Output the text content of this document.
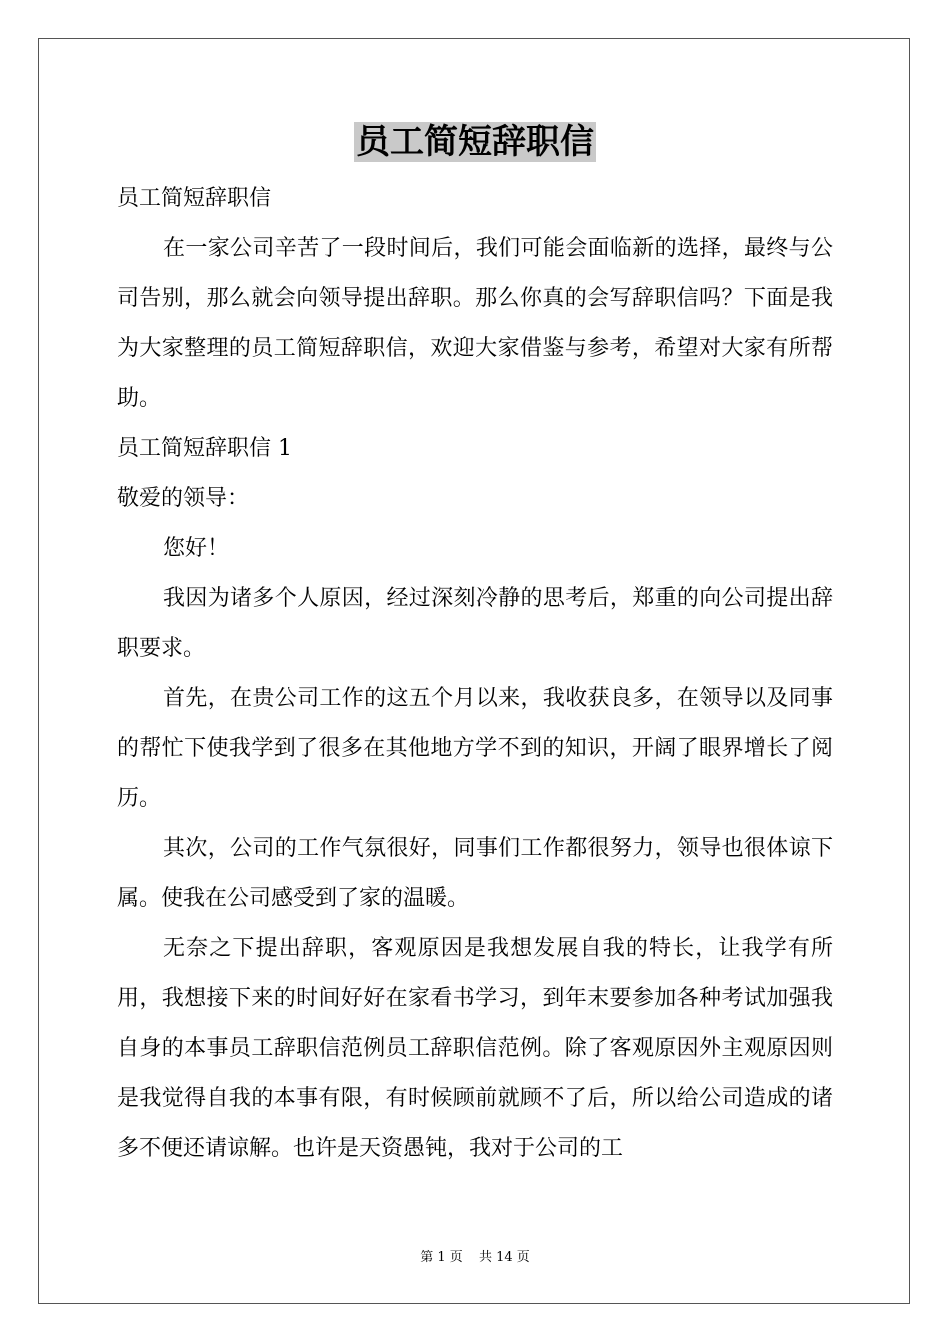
员工简短辞职信

员工简短辞职信

在一家公司辛苦了一段时间后，我们可能会面临新的选择，最终与公司告别，那么就会向领导提出辞职。那么你真的会写辞职信吗？下面是我为大家整理的员工简短辞职信，欢迎大家借鉴与参考，希望对大家有所帮助。

员工简短辞职信 1

敬爱的领导：

您好！

我因为诸多个人原因，经过深刻冷静的思考后，郑重的向公司提出辞职要求。

首先，在贵公司工作的这五个月以来，我收获良多，在领导以及同事的帮忙下使我学到了很多在其他地方学不到的知识，开阔了眼界增长了阅历。

其次，公司的工作气氛很好，同事们工作都很努力，领导也很体谅下属。使我在公司感受到了家的温暖。

无奈之下提出辞职，客观原因是我想发展自我的特长，让我学有所用，我想接下来的时间好好在家看书学习，到年末要参加各种考试加强我自身的本事员工辞职信范例员工辞职信范例。除了客观原因外主观原因则是我觉得自我的本事有限，有时候顾前就顾不了后，所以给公司造成的诸多不便还请谅解。也许是天资愚钝，我对于公司的工

第 1 页 共 14 页
